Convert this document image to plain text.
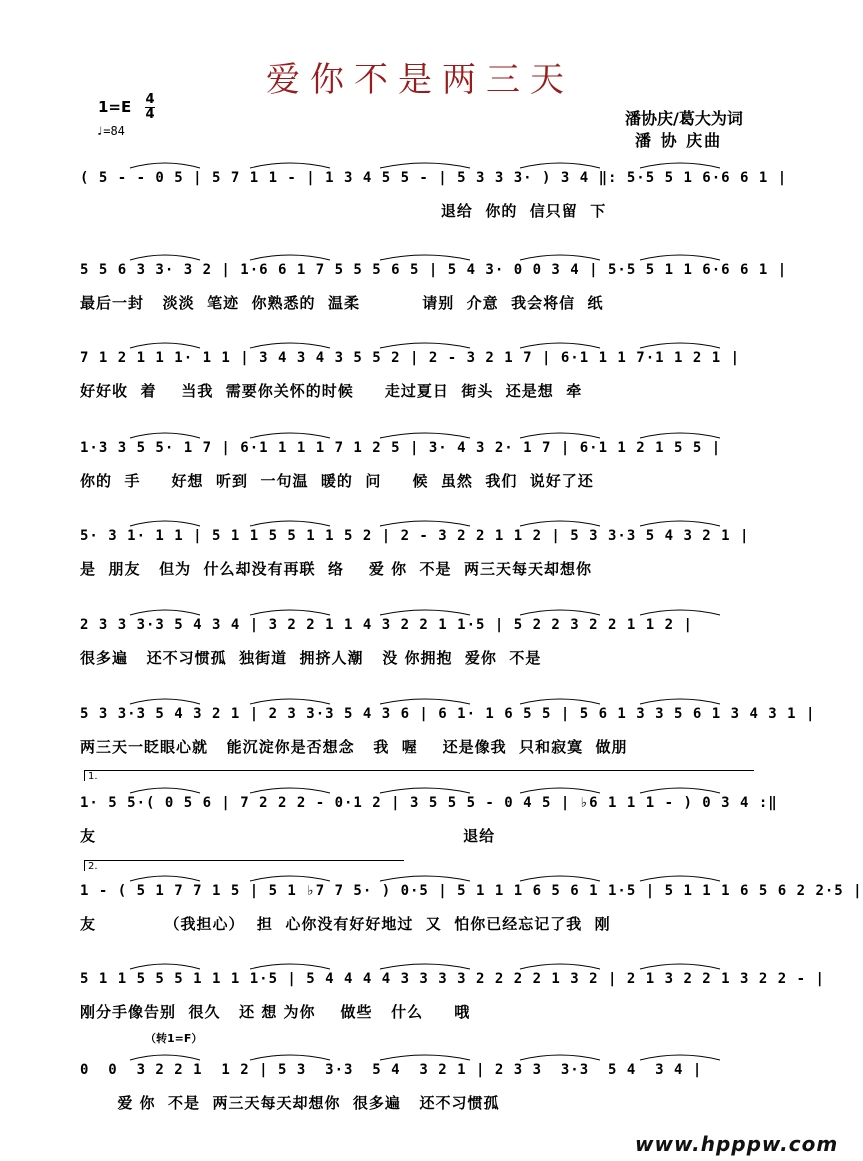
爱你不是两三天
1=E 4
4
♩=84
潘协庆/葛大为词
潘 协 庆曲
( 5 - - 0 5 | 5 7 1 1 - | 1 3 4 5 5 - | 5 3 3 3· ) 3 4 ‖: 5·5 5 1 6·6 6 1 |
退给  你的  信只留  下
5 5 6 3 3· 3 2 | 1·6 6 1 7 5 5 5 6 5 | 5 4 3· 0 0 3 4 | 5·5 5 1 1 6·6 6 1 |
最后一封   淡淡  笔迹  你熟悉的  温柔          请别  介意  我会将信  纸
7 1 2 1 1 1· 1 1 | 3 4 3 4 3 5 5 2 | 2 - 3 2 1 7 | 6·1 1 1 7·1 1 2 1 |
好好收  着    当我  需要你关怀的时候     走过夏日  街头  还是想  牵
1·3 3 5 5· 1 7 | 6·1 1 1 1 7 1 2 5 | 3· 4 3 2· 1 7 | 6·1 1 2 1 5 5 |
你的  手     好想  听到  一句温  暖的  问     候  虽然  我们  说好了还
5· 3 1· 1 1 | 5 1 1 5 5 1 1 5 2 | 2 - 3 2 2 1 1 2 | 5 3 3·3 5 4 3 2 1 |
是  朋友   但为  什么却没有再联  络    爱 你  不是  两三天每天却想你
2 3 3 3·3 5 4 3 4 | 3 2 2 1 1 4 3 2 2 1 1·5 | 5 2 2 3 2 2 1 1 2 |
很多遍   还不习惯孤  独街道  拥挤人潮   没 你拥抱  爱你  不是
5 3 3·3 5 4 3 2 1 | 2 3 3·3 5 4 3 6 | 6 1· 1 6 5 5 | 5 6 1 3 3 5 6 1 3 4 3 1 |
两三天一眨眼心就   能沉淀你是否想念   我  喔    还是像我  只和寂寞  做朋
1· 5 5·( 0 5 6 | 7 2 2 2 - 0·1 2 | 3 5 5 5 - 0 4 5 | ♭6 1 1 1 - ) 0 3 4 :‖
友                                                           退给
1 - ( 5 1 7 7 1 5 | 5 1 ♭7 7 5· ) 0·5 | 5 1 1 1 6 5 6 1 1·5 | 5 1 1 1 6 5 6 2 2·5 |
友           （我担心）  担  心你没有好好地过  又  怕你已经忘记了我  刚
5 1 1 5 5 5 1 1 1 1·5 | 5 4 4 4 4 3 3 3 3 2 2 2 2 1 3 2 | 2 1 3 2 2 1 3 2 2 - |
刚分手像告别  很久   还 想 为你    做些   什么     哦
0  0  3 2 2 1  1 2 | 5 3  3·3  5 4  3 2 1 | 2 3 3  3·3  5 4  3 4 |
爱 你  不是  两三天每天却想你  很多遍   还不习惯孤
1.
2.
（转1=F）
www.hpppw.com
